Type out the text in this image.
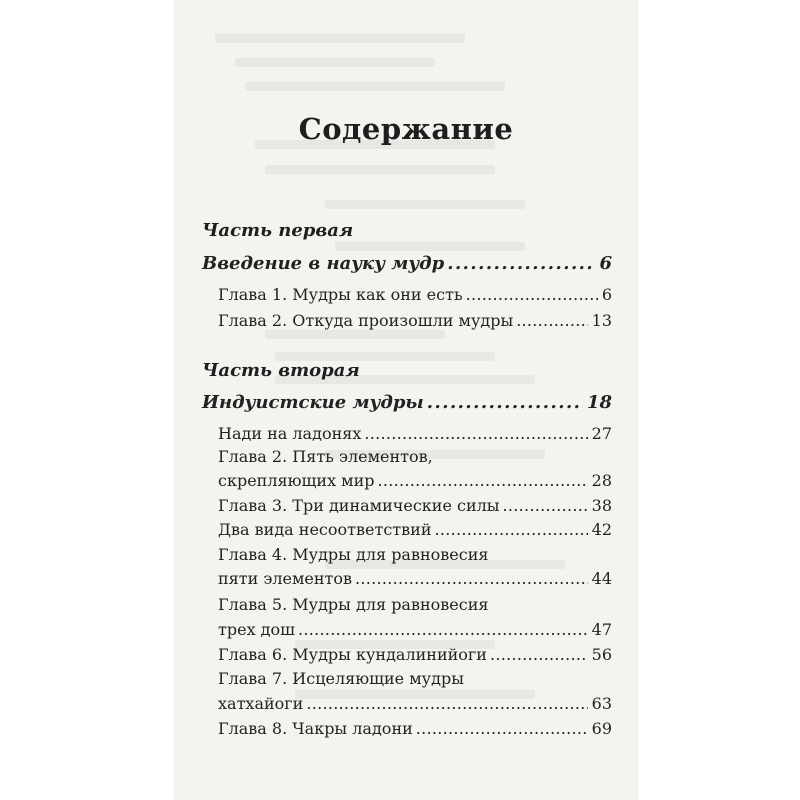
Содержание
Часть первая
Введение в науку мудр . . .	6
Глава 1. Мудры как они есть . . .	6
Глава 2. Откуда произошли мудры . . .	13
Часть вторая
Индуистские мудры . . .	18
Нади на ладонях . . .	27
Глава 2. Пять элементов,
скрепляющих мир . . .	28
Глава 3. Три динамические силы . . .	38
Два вида несоответствий . . .	42
Глава 4. Мудры для равновесия
пяти элементов . . .	44
Глава 5. Мудры для равновесия
трех дош . . .	47
Глава 6. Мудры кундалинийоги . . .	56
Глава 7. Исцеляющие мудры
хатхайоги . . .	63
Глава 8. Чакры ладони . . .	69
